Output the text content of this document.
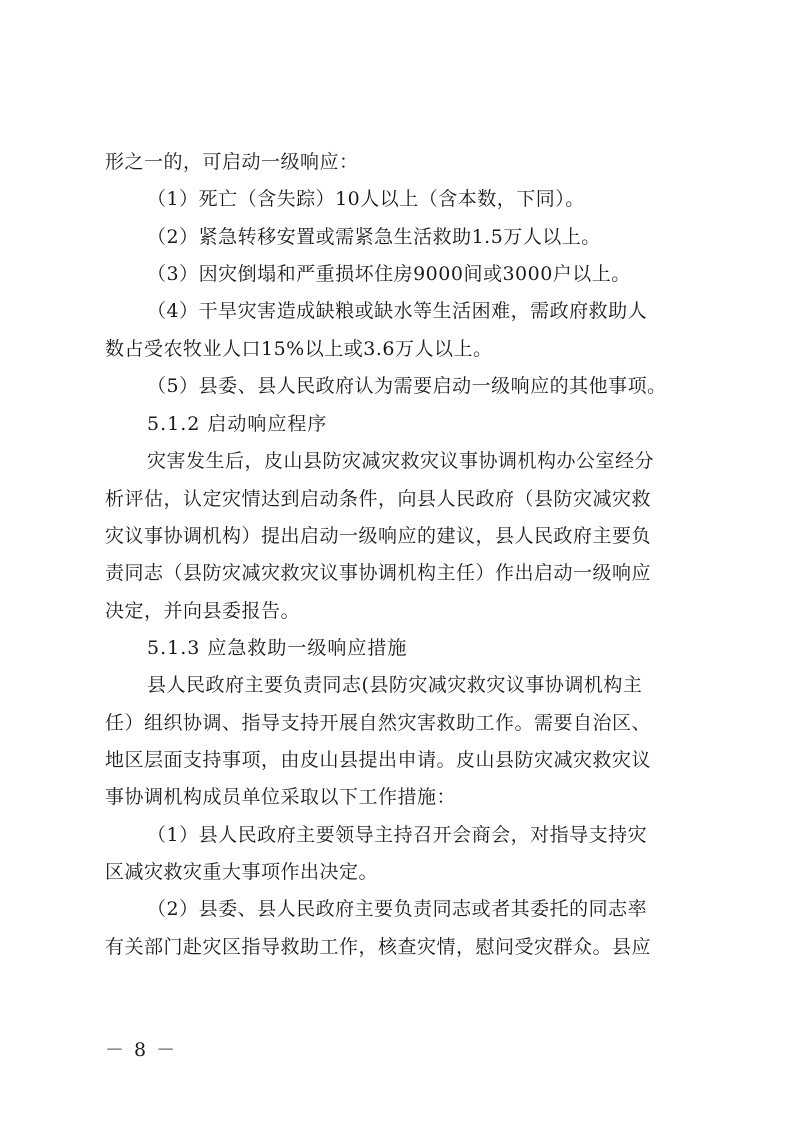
形之一的，可启动一级响应：
（1）死亡（含失踪）10人以上（含本数，下同）。
（2）紧急转移安置或需紧急生活救助1.5万人以上。
（3）因灾倒塌和严重损坏住房9000间或3000户以上。
（4）干旱灾害造成缺粮或缺水等生活困难，需政府救助人
数占受农牧业人口15%以上或3.6万人以上。
（5）县委、县人民政府认为需要启动一级响应的其他事项。
5.1.2 启动响应程序
灾害发生后，皮山县防灾减灾救灾议事协调机构办公室经分
析评估，认定灾情达到启动条件，向县人民政府（县防灾减灾救
灾议事协调机构）提出启动一级响应的建议，县人民政府主要负
责同志（县防灾减灾救灾议事协调机构主任）作出启动一级响应
决定，并向县委报告。
5.1.3 应急救助一级响应措施
县人民政府主要负责同志(县防灾减灾救灾议事协调机构主
任）组织协调、指导支持开展自然灾害救助工作。需要自治区、
地区层面支持事项，由皮山县提出申请。皮山县防灾减灾救灾议
事协调机构成员单位采取以下工作措施：
（1）县人民政府主要领导主持召开会商会，对指导支持灾
区减灾救灾重大事项作出决定。
（2）县委、县人民政府主要负责同志或者其委托的同志率
有关部门赴灾区指导救助工作，核查灾情，慰问受灾群众。县应
－ 8 －
